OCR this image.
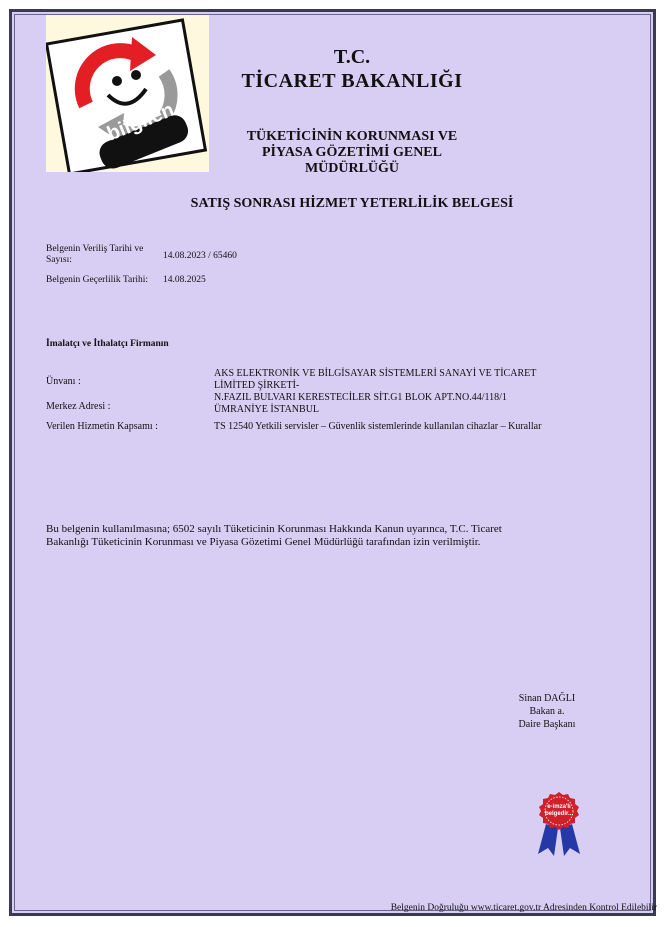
bilgilen
T.C.
TİCARET BAKANLIĞI
TÜKETİCİNİN KORUNMASI VE
PİYASA GÖZETİMİ GENEL
MÜDÜRLÜĞÜ
SATIŞ SONRASI HİZMET YETERLİLİK BELGESİ
Belgenin Veriliş Tarihi ve
Sayısı:	14.08.2023 / 65460
Belgenin Geçerlilik Tarihi: 14.08.2025
İmalatçı ve İthalatçı Firmanın
Ünvanı :
AKS ELEKTRONİK VE BİLGİSAYAR SİSTEMLERİ SANAYİ VE TİCARET
LİMİTED ŞİRKETİ-
Merkez Adresi :
N.FAZIL BULVARI KERESTECİLER SİT.G1 BLOK APT.NO.44/118/1
ÜMRANİYE İSTANBUL
Verilen Hizmetin Kapsamı :	TS 12540 Yetkili servisler – Güvenlik sistemlerinde kullanılan cihazlar – Kurallar
Bu belgenin kullanılmasına; 6502 sayılı Tüketicinin Korunması Hakkında Kanun uyarınca, T.C. Ticaret
Bakanlığı Tüketicinin Korunması ve Piyasa Gözetimi Genel Müdürlüğü tarafından izin verilmiştir.
Sinan DAĞLI
Bakan a.
Daire Başkanı
e-imza'lı
belgedir...
Belgenin Doğruluğu www.ticaret.gov.tr Adresinden Kontrol Edilebilir
